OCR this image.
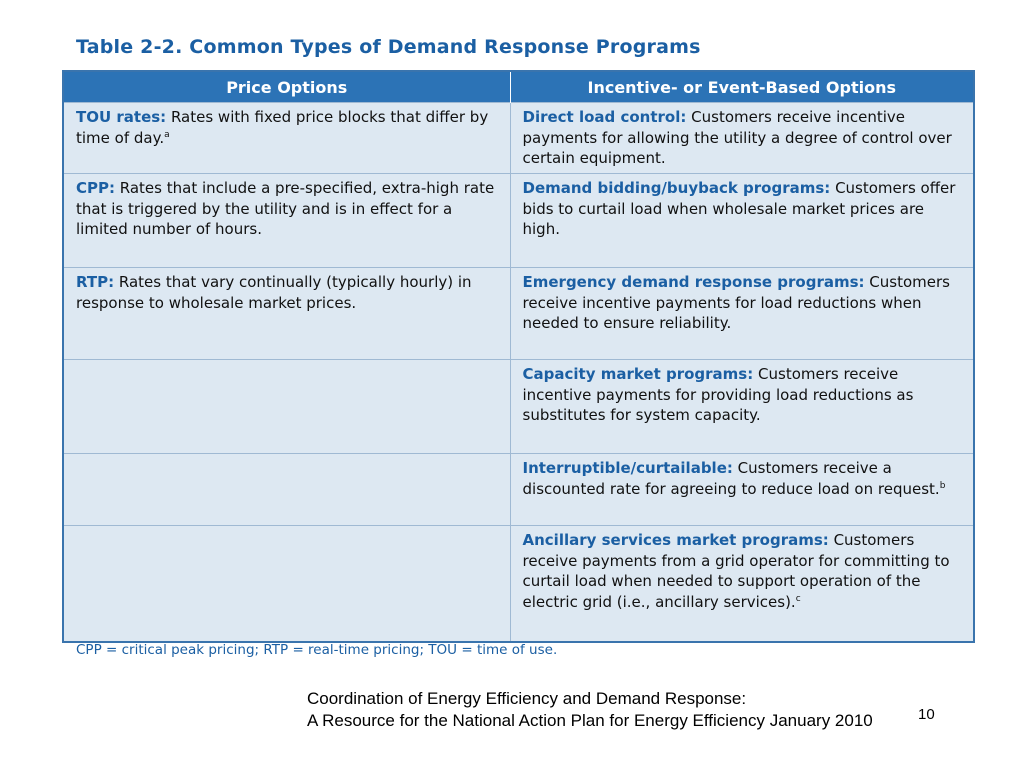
Table 2-2. Common Types of Demand Response Programs
Price Options	Incentive- or Event-Based Options
TOU rates: Rates with fixed price blocks that differ by time of day.$^a$	Direct load control: Customers receive incentive payments for allowing the utility a degree of control over certain equipment.
CPP: Rates that include a pre-specified, extra-high rate that is triggered by the utility and is in effect for a limited number of hours.	Demand bidding/buyback programs: Customers offer bids to curtail load when wholesale market prices are high.
RTP: Rates that vary continually (typically hourly) in response to wholesale market prices.	Emergency demand response programs: Customers receive incentive payments for load reductions when needed to ensure reliability.
	Capacity market programs: Customers receive incentive payments for providing load reductions as substitutes for system capacity.
	Interruptible/curtailable: Customers receive a discounted rate for agreeing to reduce load on request.$^b$
	Ancillary services market programs: Customers receive payments from a grid operator for committing to curtail load when needed to support operation of the electric grid (i.e., ancillary services).$^c$
CPP = critical peak pricing; RTP = real-time pricing; TOU = time of use.
Coordination of Energy Efficiency and Demand Response:
A Resource for the National Action Plan for Energy Efficiency January 2010	10
